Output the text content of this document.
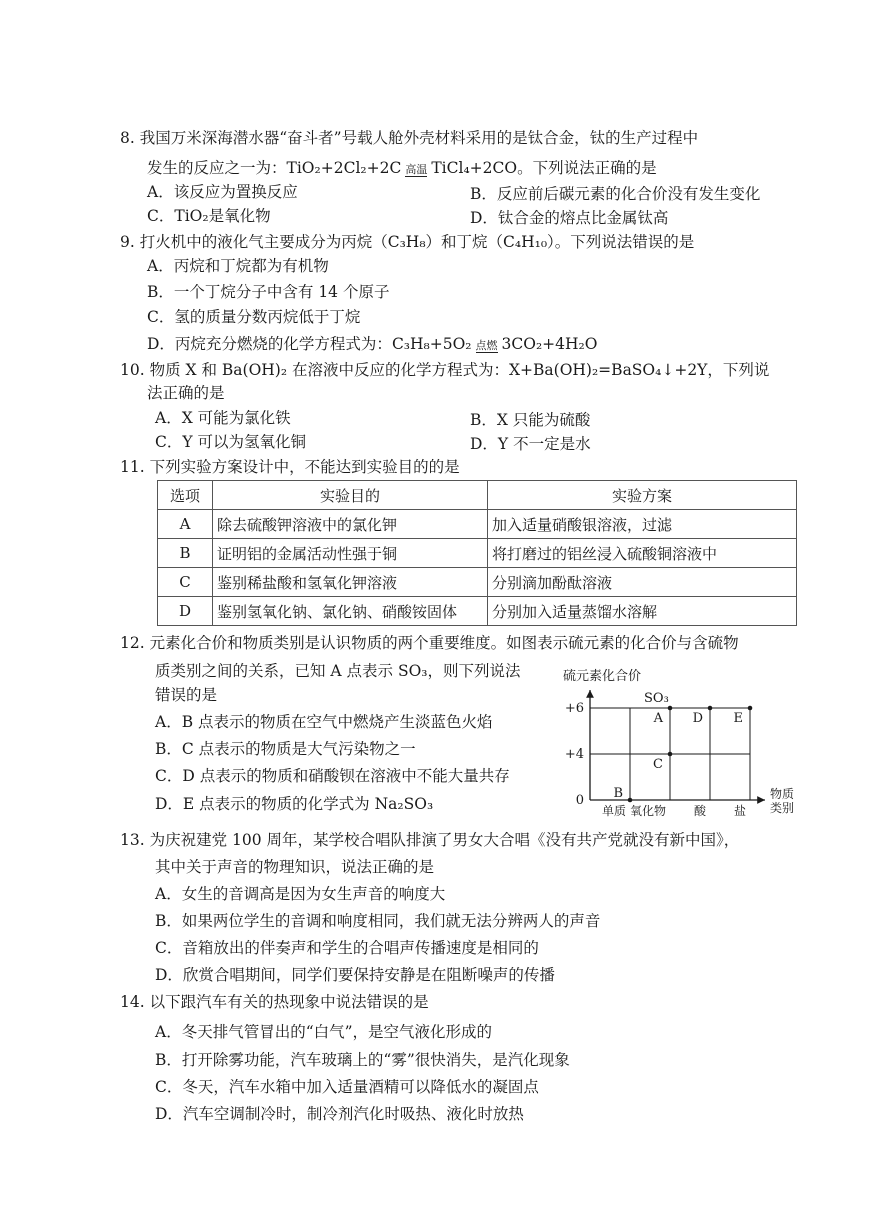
8. 我国万米深海潜水器“奋斗者”号载人舱外壳材料采用的是钛合金，钛的生产过程中
发生的反应之一为：TiO₂+2Cl₂+2C 高温 TiCl₄+2CO。下列说法正确的是
A．该反应为置换反应	B．反应前后碳元素的化合价没有发生变化
C．TiO₂是氧化物	D．钛合金的熔点比金属钛高
9. 打火机中的液化气主要成分为丙烷（C₃H₈）和丁烷（C₄H₁₀）。下列说法错误的是
A．丙烷和丁烷都为有机物
B．一个丁烷分子中含有 14 个原子
C．氢的质量分数丙烷低于丁烷
D．丙烷充分燃烧的化学方程式为：C₃H₈+5O₂ 点燃 3CO₂+4H₂O
10. 物质 X 和 Ba(OH)₂ 在溶液中反应的化学方程式为：X+Ba(OH)₂=BaSO₄↓+2Y，下列说
法正确的是
A．X 可能为氯化铁	B．X 只能为硫酸
C．Y 可以为氢氧化铜	D．Y 不一定是水
11. 下列实验方案设计中，不能达到实验目的的是
选项	实验目的	实验方案
A	除去硫酸钾溶液中的氯化钾	加入适量硝酸银溶液，过滤
B	证明铝的金属活动性强于铜	将打磨过的铝丝浸入硫酸铜溶液中
C	鉴别稀盐酸和氢氧化钾溶液	分别滴加酚酞溶液
D	鉴别氢氧化钠、氯化钠、硝酸铵固体	分别加入适量蒸馏水溶解
12. 元素化合价和物质类别是认识物质的两个重要维度。如图表示硫元素的化合价与含硫物
质类别之间的关系，已知 A 点表示 SO₃，则下列说法
错误的是
A．B 点表示的物质在空气中燃烧产生淡蓝色火焰
B．C 点表示的物质是大气污染物之一
C．D 点表示的物质和硝酸钡在溶液中不能大量共存
D．E 点表示的物质的化学式为 Na₂SO₃
硫元素化合价
物质
类别
单质 氧化物 酸 盐
+6
+4
0 B
A
C
D E
SO₃
13. 为庆祝建党 100 周年，某学校合唱队排演了男女大合唱《没有共产党就没有新中国》，
其中关于声音的物理知识，说法正确的是
A．女生的音调高是因为女生声音的响度大
B．如果两位学生的音调和响度相同，我们就无法分辨两人的声音
C．音箱放出的伴奏声和学生的合唱声传播速度是相同的
D．欣赏合唱期间，同学们要保持安静是在阻断噪声的传播
14. 以下跟汽车有关的热现象中说法错误的是
A．冬天排气管冒出的“白气”，是空气液化形成的
B．打开除雾功能，汽车玻璃上的“雾”很快消失，是汽化现象
C．冬天，汽车水箱中加入适量酒精可以降低水的凝固点
D．汽车空调制冷时，制冷剂汽化时吸热、液化时放热
